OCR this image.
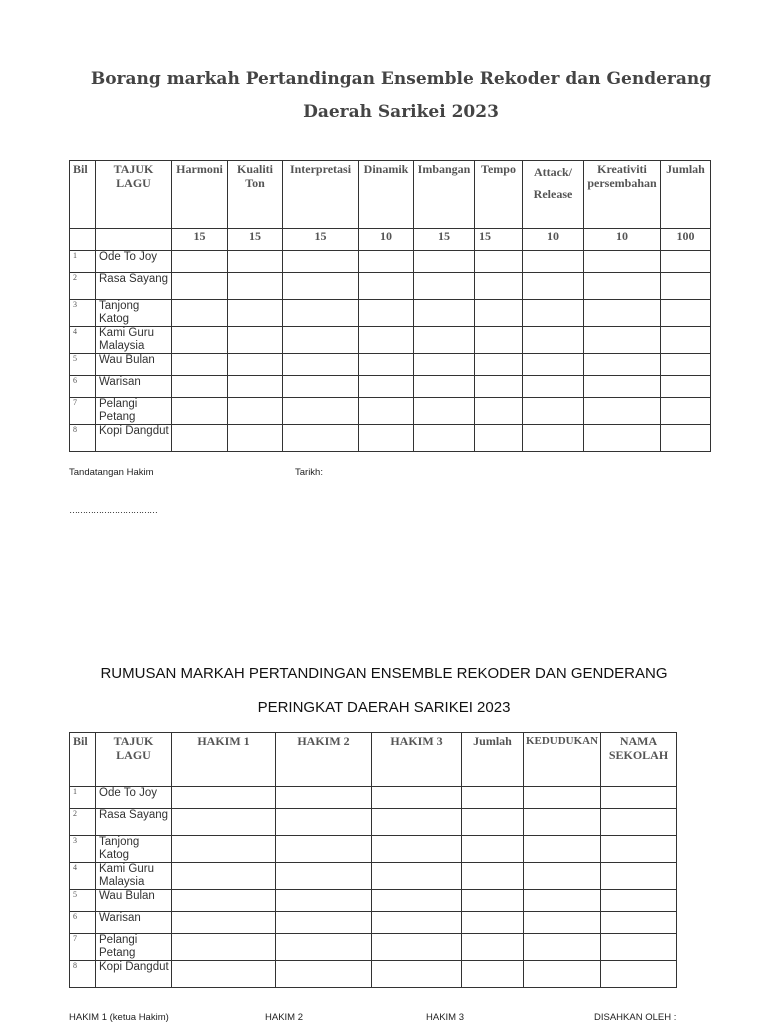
Borang markah Pertandingan Ensemble Rekoder dan Genderang
Daerah Sarikei 2023
Bil	TAJUK LAGU	Harmoni	Kualiti Ton	Interpretasi	Dinamik	Imbangan	Tempo	Attack/ Release	Kreativiti persembahan	Jumlah
		15	15	15	10	15	15	10	10	100
1	Ode To Joy									
2	Rasa Sayang									
3	Tanjong Katog									
4	Kami Guru Malaysia									
5	Wau Bulan									
6	Warisan									
7	Pelangi Petang									
8	Kopi Dangdut									
Tandatangan Hakim	Tarikh:
……………………………
RUMUSAN MARKAH PERTANDINGAN ENSEMBLE REKODER DAN GENDERANG
PERINGKAT DAERAH SARIKEI 2023
Bil	TAJUK LAGU	HAKIM 1	HAKIM 2	HAKIM 3	Jumlah	KEDUDUKAN	NAMA SEKOLAH
1	Ode To Joy						
2	Rasa Sayang						
3	Tanjong Katog						
4	Kami Guru Malaysia						
5	Wau Bulan						
6	Warisan						
7	Pelangi Petang						
8	Kopi Dangdut						
HAKIM 1 (ketua Hakim)	HAKIM 2	HAKIM 3	DISAHKAN OLEH :
